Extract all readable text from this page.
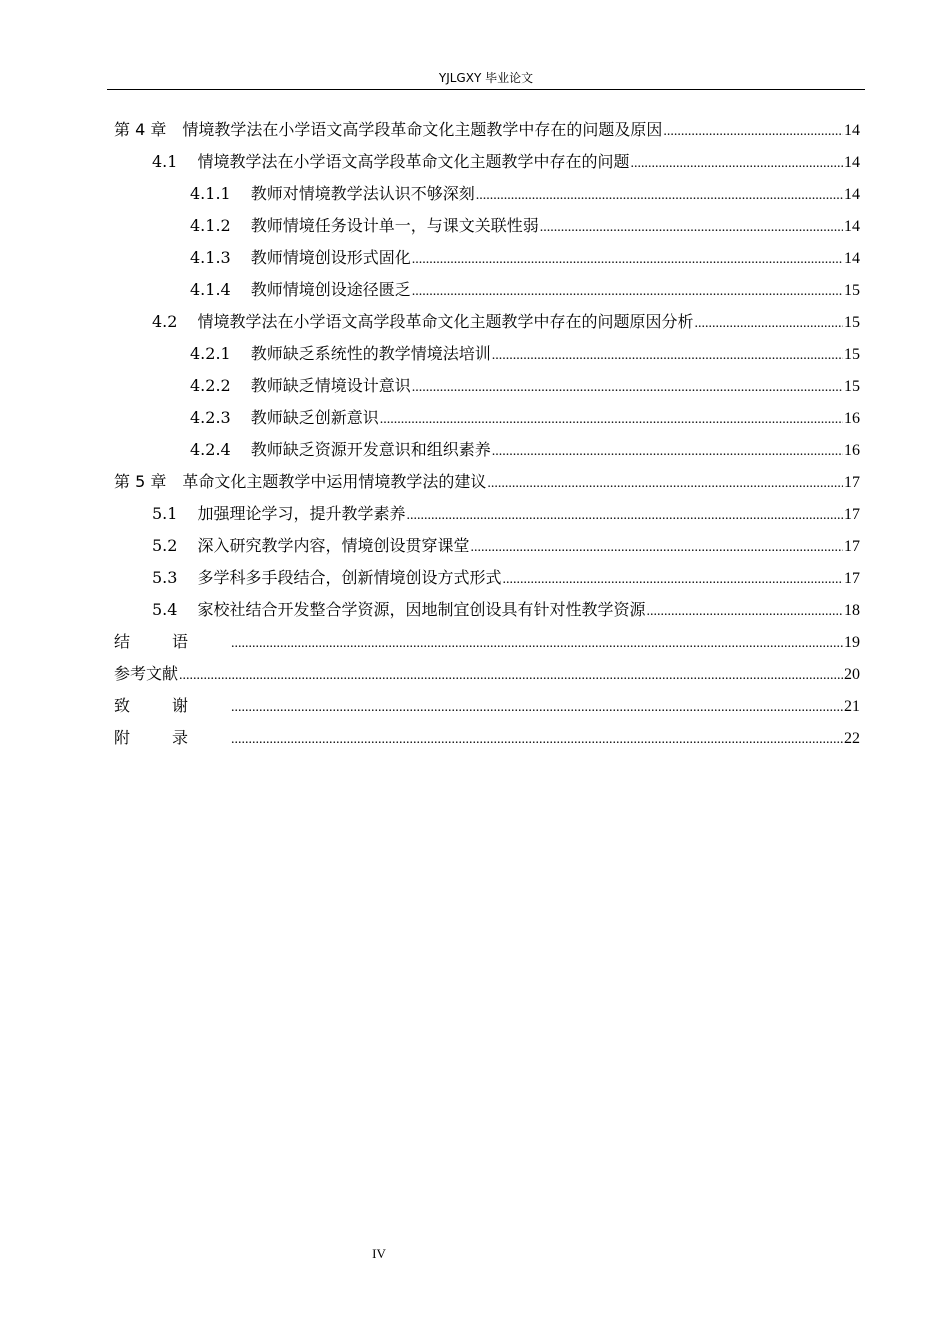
YJLGXY 毕业论文
第 4 章 情境教学法在小学语文高学段革命文化主题教学中存在的问题及原因 .....	14
4.1 情境教学法在小学语文高学段革命文化主题教学中存在的问题 .....	14
4.1.1 教师对情境教学法认识不够深刻 .....	14
4.1.2 教师情境任务设计单一，与课文关联性弱 .....	14
4.1.3 教师情境创设形式固化 .....	14
4.1.4 教师情境创设途径匮乏 .....	15
4.2 情境教学法在小学语文高学段革命文化主题教学中存在的问题原因分析 .....	15
4.2.1 教师缺乏系统性的教学情境法培训 .....	15
4.2.2 教师缺乏情境设计意识 .....	15
4.2.3 教师缺乏创新意识 .....	16
4.2.4 教师缺乏资源开发意识和组织素养 .....	16
第 5 章 革命文化主题教学中运用情境教学法的建议 .....	17
5.1 加强理论学习，提升教学素养 .....	17
5.2 深入研究教学内容，情境创设贯穿课堂 .....	17
5.3 多学科多手段结合，创新情境创设方式形式 .....	17
5.4 家校社结合开发整合学资源，因地制宜创设具有针对性教学资源 .....	18
结语 .....	19
参考文献 .....	20
致谢 .....	21
附录 .....	22
IV
